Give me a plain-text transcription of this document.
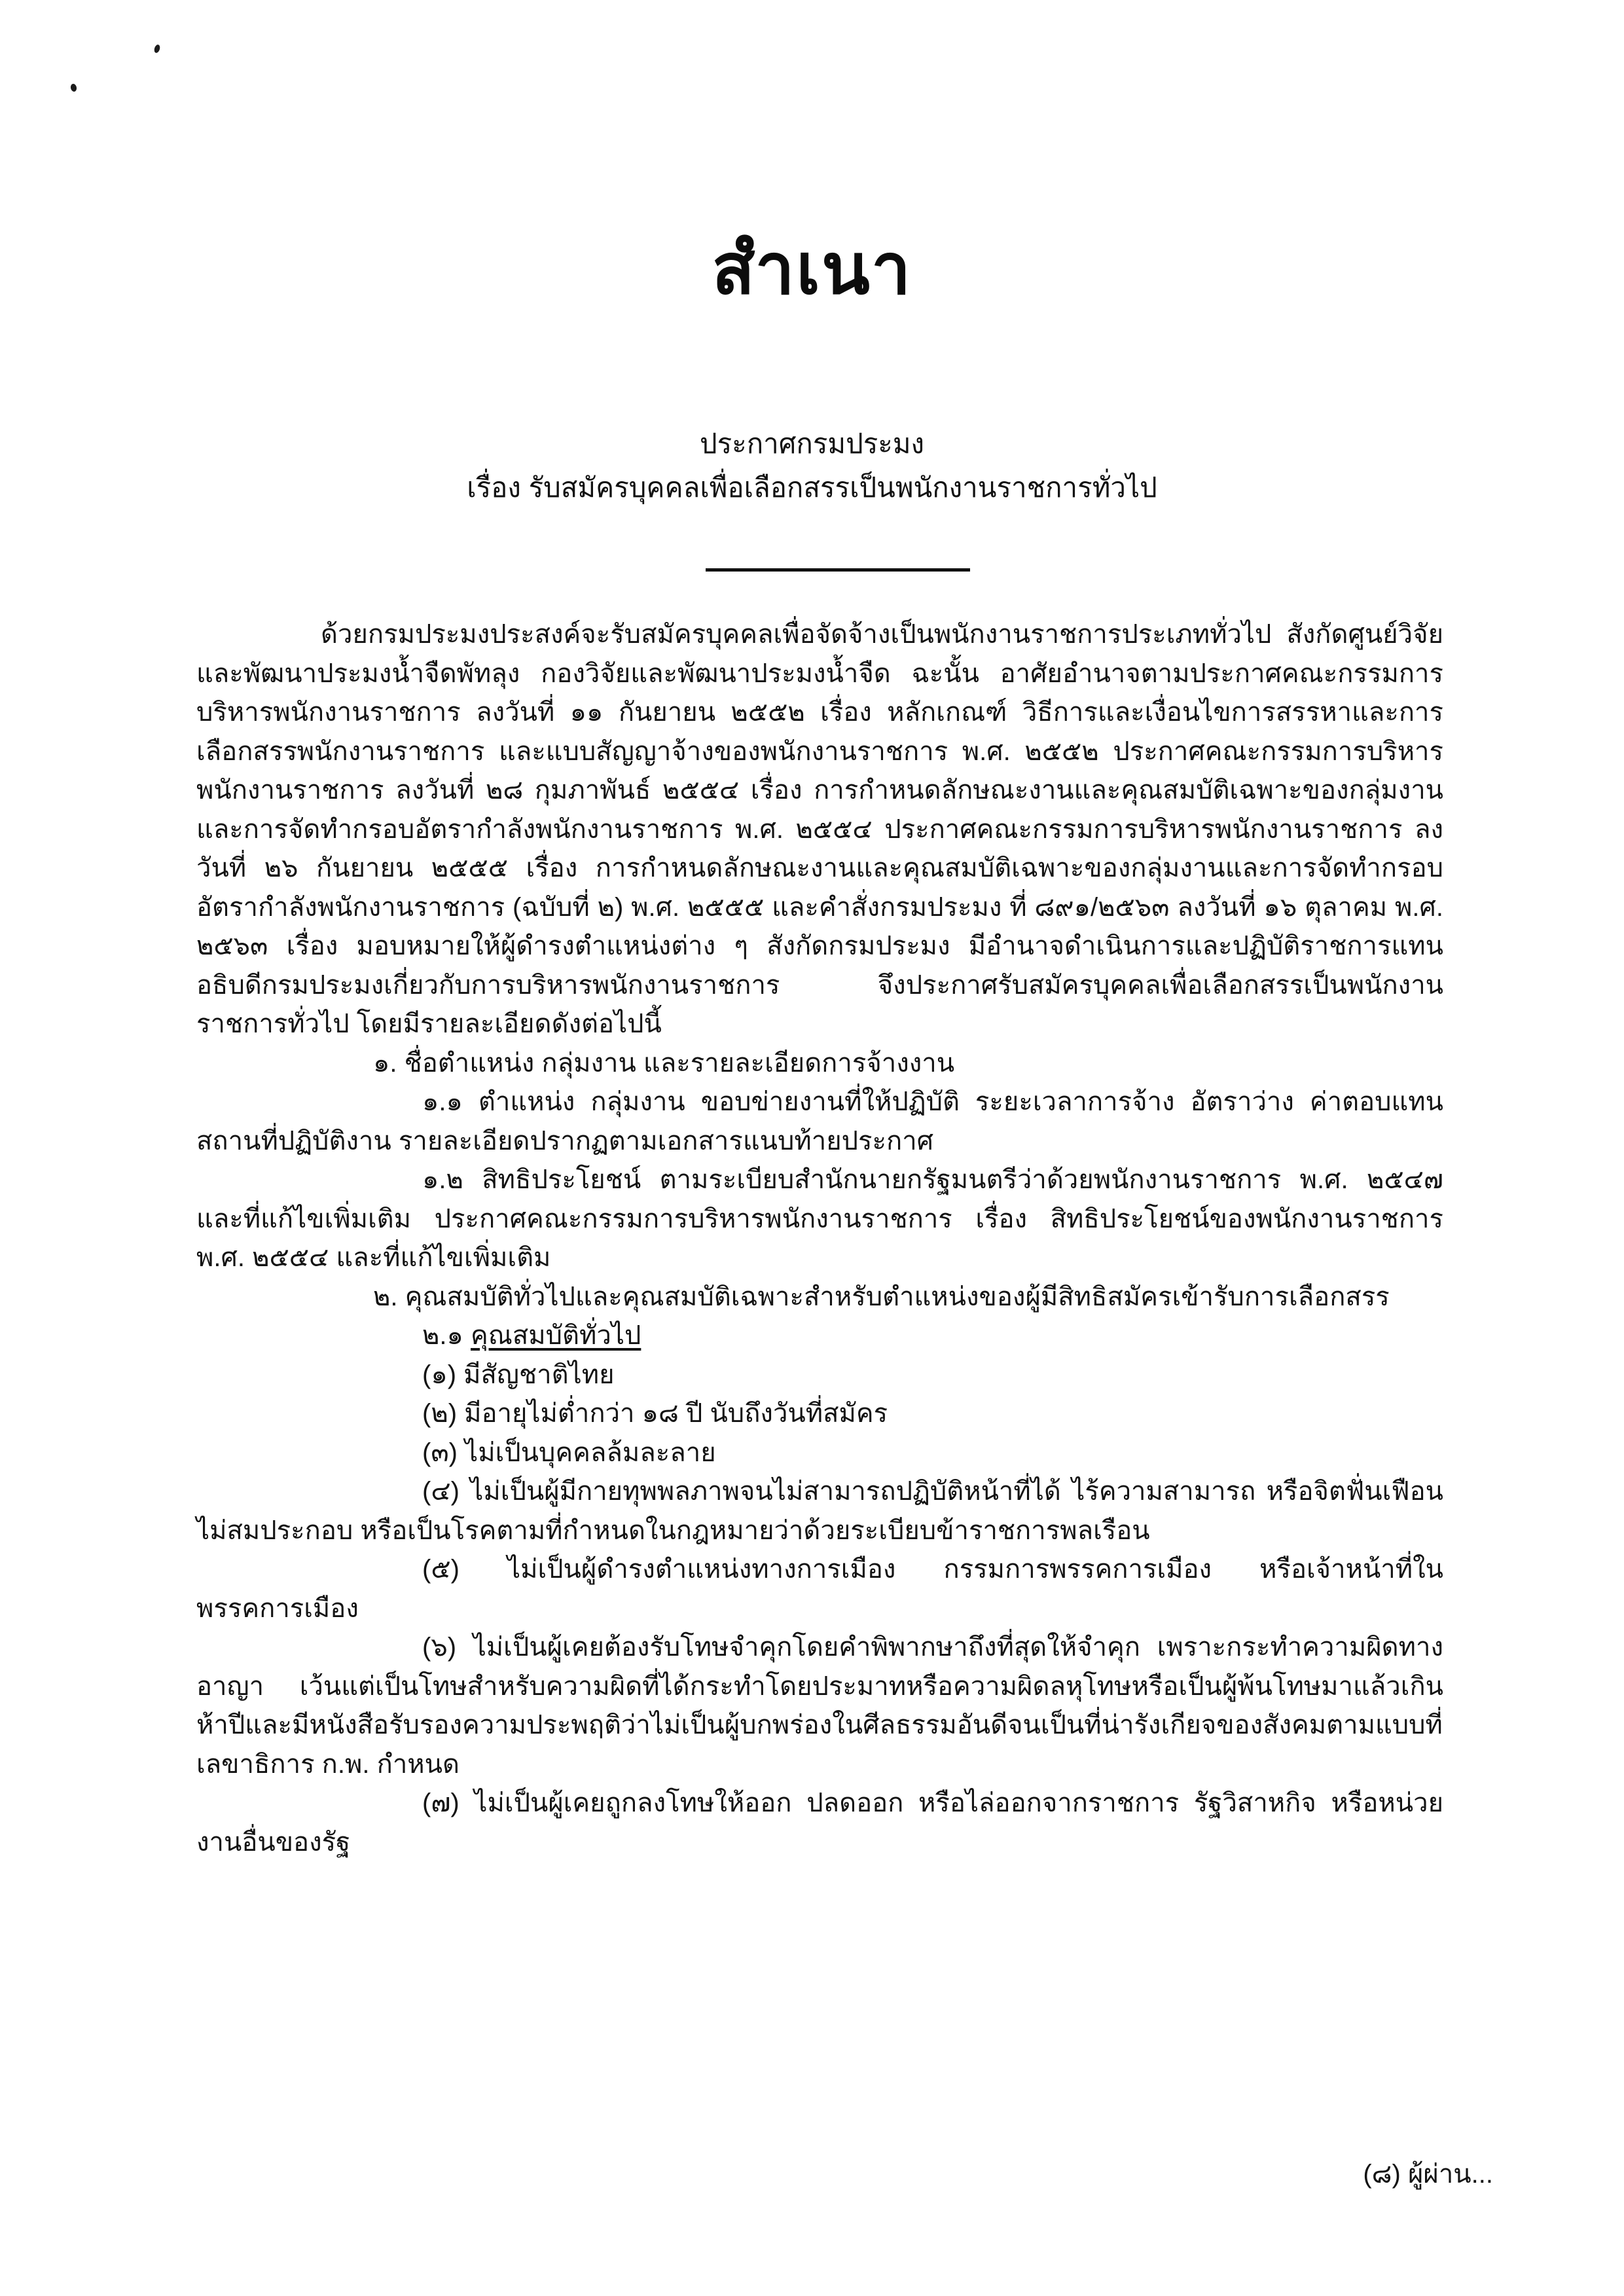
สำเนา
ประกาศกรมประมง
เรื่อง รับสมัครบุคคลเพื่อเลือกสรรเป็นพนักงานราชการทั่วไป

ด้วยกรมประมงประสงค์จะรับสมัครบุคคลเพื่อจัดจ้างเป็นพนักงานราชการประเภททั่วไป สังกัดศูนย์วิจัยและพัฒนาประมงน้ำจืดพัทลุง กองวิจัยและพัฒนาประมงน้ำจืด ฉะนั้น อาศัยอำนาจตามประกาศคณะกรรมการบริหารพนักงานราชการ ลงวันที่ ๑๑ กันยายน ๒๕๕๒ เรื่อง หลักเกณฑ์ วิธีการและเงื่อนไขการสรรหาและการเลือกสรรพนักงานราชการ และแบบสัญญาจ้างของพนักงานราชการ พ.ศ. ๒๕๕๒ ประกาศคณะกรรมการบริหารพนักงานราชการ ลงวันที่ ๒๘ กุมภาพันธ์ ๒๕๕๔ เรื่อง การกำหนดลักษณะงานและคุณสมบัติเฉพาะของกลุ่มงานและการจัดทำกรอบอัตรากำลังพนักงานราชการ พ.ศ. ๒๕๕๔ ประกาศคณะกรรมการบริหารพนักงานราชการ ลงวันที่ ๒๖ กันยายน ๒๕๕๕ เรื่อง การกำหนดลักษณะงานและคุณสมบัติเฉพาะของกลุ่มงานและการจัดทำกรอบอัตรากำลังพนักงานราชการ (ฉบับที่ ๒) พ.ศ. ๒๕๕๕ และคำสั่งกรมประมง ที่ ๘๙๑/๒๕๖๓ ลงวันที่ ๑๖ ตุลาคม พ.ศ. ๒๕๖๓ เรื่อง มอบหมายให้ผู้ดำรงตำแหน่งต่าง ๆ สังกัดกรมประมง มีอำนาจดำเนินการและปฏิบัติราชการแทนอธิบดีกรมประมงเกี่ยวกับการบริหารพนักงานราชการ จึงประกาศรับสมัครบุคคลเพื่อเลือกสรรเป็นพนักงานราชการทั่วไป โดยมีรายละเอียดดังต่อไปนี้

๑. ชื่อตำแหน่ง กลุ่มงาน และรายละเอียดการจ้างงาน

๑.๑ ตำแหน่ง กลุ่มงาน ขอบข่ายงานที่ให้ปฏิบัติ ระยะเวลาการจ้าง อัตราว่าง ค่าตอบแทน สถานที่ปฏิบัติงาน รายละเอียดปรากฏตามเอกสารแนบท้ายประกาศ

๑.๒ สิทธิประโยชน์ ตามระเบียบสำนักนายกรัฐมนตรีว่าด้วยพนักงานราชการ พ.ศ. ๒๕๔๗ และที่แก้ไขเพิ่มเติม ประกาศคณะกรรมการบริหารพนักงานราชการ เรื่อง สิทธิประโยชน์ของพนักงานราชการ พ.ศ. ๒๕๕๔ และที่แก้ไขเพิ่มเติม

๒. คุณสมบัติทั่วไปและคุณสมบัติเฉพาะสำหรับตำแหน่งของผู้มีสิทธิสมัครเข้ารับการเลือกสรร

๒.๑ คุณสมบัติทั่วไป

(๑) มีสัญชาติไทย

(๒) มีอายุไม่ต่ำกว่า ๑๘ ปี นับถึงวันที่สมัคร

(๓) ไม่เป็นบุคคลล้มละลาย

(๔) ไม่เป็นผู้มีกายทุพพลภาพจนไม่สามารถปฏิบัติหน้าที่ได้ ไร้ความสามารถ หรือจิตฟั่นเฟือนไม่สมประกอบ หรือเป็นโรคตามที่กำหนดในกฎหมายว่าด้วยระเบียบข้าราชการพลเรือน

(๕) ไม่เป็นผู้ดำรงตำแหน่งทางการเมือง กรรมการพรรคการเมือง หรือเจ้าหน้าที่ในพรรคการเมือง

(๖) ไม่เป็นผู้เคยต้องรับโทษจำคุกโดยคำพิพากษาถึงที่สุดให้จำคุก เพราะกระทำความผิดทางอาญา เว้นแต่เป็นโทษสำหรับความผิดที่ได้กระทำโดยประมาทหรือความผิดลหุโทษหรือเป็นผู้พ้นโทษมาแล้วเกินห้าปีและมีหนังสือรับรองความประพฤติว่าไม่เป็นผู้บกพร่องในศีลธรรมอันดีจนเป็นที่น่ารังเกียจของสังคมตามแบบที่เลขาธิการ ก.พ. กำหนด

(๗) ไม่เป็นผู้เคยถูกลงโทษให้ออก ปลดออก หรือไล่ออกจากราชการ รัฐวิสาหกิจ หรือหน่วยงานอื่นของรัฐ

(๘) ผู้ผ่าน...
